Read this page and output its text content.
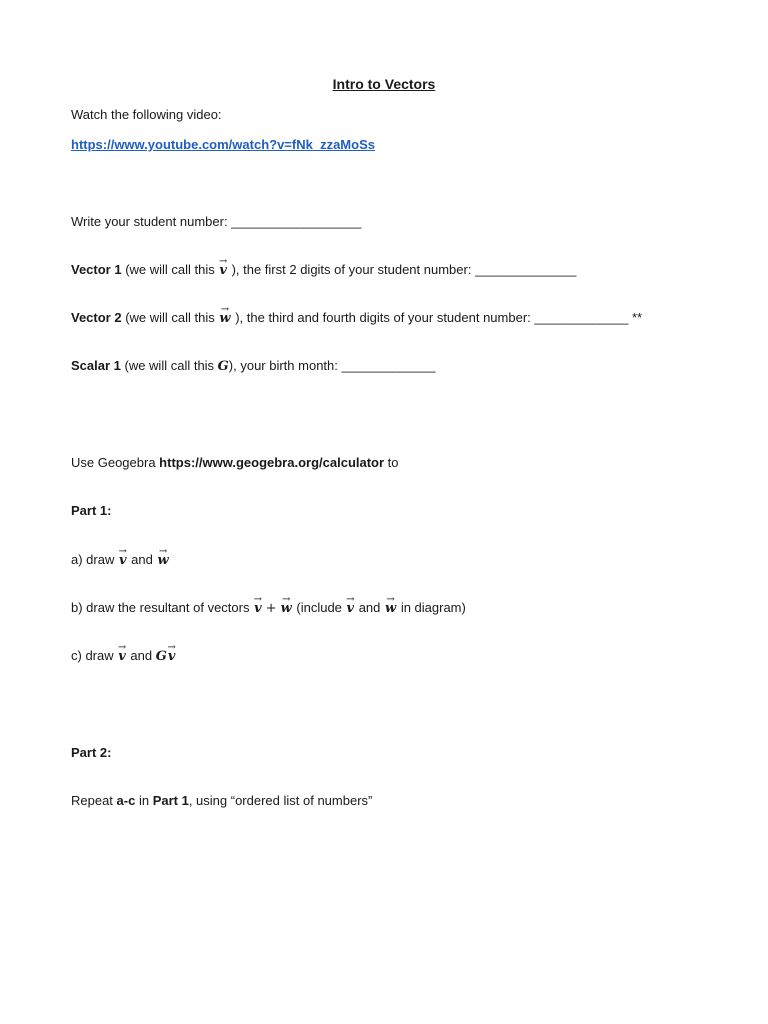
Intro to Vectors
Watch the following video:
https://www.youtube.com/watch?v=fNk_zzaMoSs
Write your student number: __________________
Vector 1 (we will call this → v ), the first 2 digits of your student number: ______________
Vector 2 (we will call this → w ), the third and fourth digits of your student number: _____________ **
Scalar 1 (we will call this G), your birth month: _____________
Use Geogebra https://www.geogebra.org/calculator to
Part 1:
a) draw → v and → w
b) draw the resultant of vectors → v +→ w (include → v and → w in diagram)
c) draw → v and G→ v
Part 2:
Repeat a-c in Part 1, using “ordered list of numbers”
